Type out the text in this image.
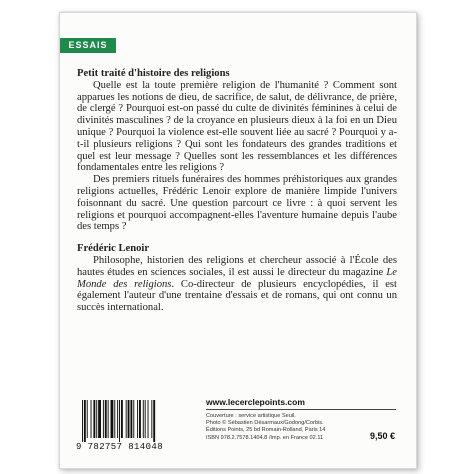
ESSAIS

Petit traité d'histoire des religions

Quelle est la toute première religion de l'humanité ? Comment sont apparues les notions de dieu, de sacrifice, de salut, de délivrance, de prière, de clergé ? Pourquoi est-on passé du culte de divinités féminines à celui de divinités masculines ? de la croyance en plusieurs dieux à la foi en un Dieu unique ? Pourquoi la violence est-elle souvent liée au sacré ? Pourquoi y a-t-il plusieurs religions ? Qui sont les fondateurs des grandes traditions et quel est leur message ? Quelles sont les ressemblances et les différences fondamentales entre les religions ?

Des premiers rituels funéraires des hommes préhistoriques aux grandes religions actuelles, Frédéric Lenoir explore de manière limpide l'univers foisonnant du sacré. Une question parcourt ce livre : à quoi servent les religions et pourquoi accompagnent-elles l'aventure humaine depuis l'aube des temps ?

Frédéric Lenoir

Philosophe, historien des religions et chercheur associé à l'École des hautes études en sciences sociales, il est aussi le directeur du magazine Le Monde des religions. Co-directeur de plusieurs encyclopédies, il est également l'auteur d'une trentaine d'essais et de romans, qui ont connu un succès international.

9 782757 814048
www.lecerclepoints.com
Couverture : service artistique Seuil.
Photo © Sébastien Désarmaux/Godong/Corbis.
Éditions Points, 25 bd Romain-Rolland, Paris 14
ISBN 978.2.7578.1404.8 /Imp. en France 02.11	9,50 €
